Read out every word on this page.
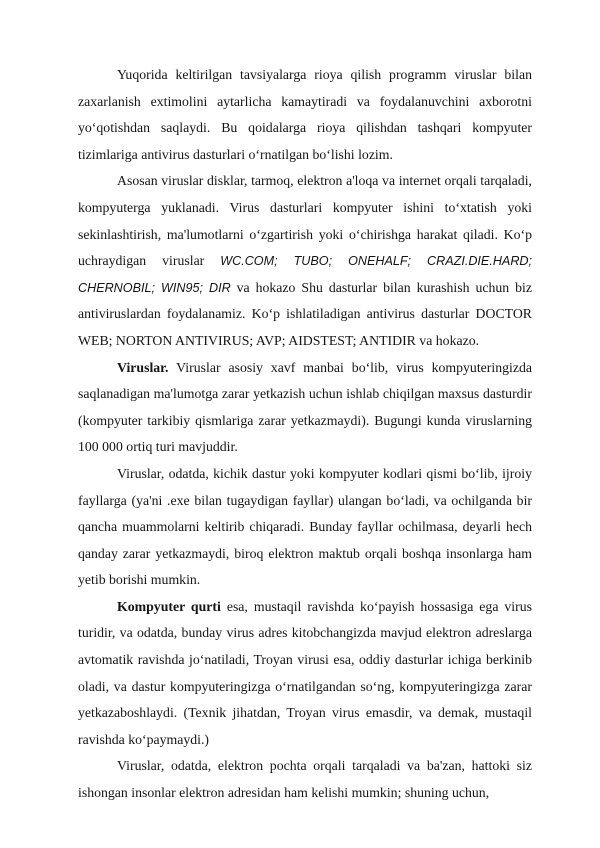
Yuqorida keltirilgan tavsiyalarga rioya qilish programm viruslar bilan zaxarlanish extimolini aytarlicha kamaytiradi va foydalanuvchini axborotni yoʻqotishdan saqlaydi. Bu qoidalarga rioya qilishdan tashqari kompyuter tizimlariga antivirus dasturlari oʻrnatilgan boʻlishi lozim.

Asosan viruslar disklar, tarmoq, elektron a'loqa va internet orqali tarqaladi, kompyuterga yuklanadi. Virus dasturlari kompyuter ishini toʻxtatish yoki sekinlashtirish, ma'lumotlarni oʻzgartirish yoki oʻchirishga harakat qiladi. Koʻp uchraydigan viruslar WC.COM; TUBO; ONEHALF; CRAZI.DIE.HARD; CHERNOBIL; WIN95; DIR va hokazo Shu dasturlar bilan kurashish uchun biz antiviruslardan foydalanamiz. Koʻp ishlatiladigan antivirus dasturlar DOCTOR WEB; NORTON ANTIVIRUS; AVP; AIDSTEST; ANTIDIR va hokazo.

Viruslar. Viruslar asosiy xavf manbai boʻlib, virus kompyuteringizda saqlanadigan ma'lumotga zarar yetkazish uchun ishlab chiqilgan maxsus dasturdir (kompyuter tarkibiy qismlariga zarar yetkazmaydi). Bugungi kunda viruslarning 100 000 ortiq turi mavjuddir.

Viruslar, odatda, kichik dastur yoki kompyuter kodlari qismi boʻlib, ijroiy fayllarga (ya'ni .exe bilan tugaydigan fayllar) ulangan boʻladi, va ochilganda bir qancha muammolarni keltirib chiqaradi. Bunday fayllar ochilmasa, deyarli hech qanday zarar yetkazmaydi, biroq elektron maktub orqali boshqa insonlarga ham yetib borishi mumkin.

Kompyuter qurti esa, mustaqil ravishda koʻpayish hossasiga ega virus turidir, va odatda, bunday virus adres kitobchangizda mavjud elektron adreslarga avtomatik ravishda joʻnatiladi, Troyan virusi esa, oddiy dasturlar ichiga berkinib oladi, va dastur kompyuteringizga oʻrnatilgandan soʻng, kompyuteringizga zarar yetkazaboshlaydi. (Texnik jihatdan, Troyan virus emasdir, va demak, mustaqil ravishda koʻpaymaydi.)

Viruslar, odatda, elektron pochta orqali tarqaladi va ba'zan, hattoki siz ishongan insonlar elektron adresidan ham kelishi mumkin; shuning uchun,
